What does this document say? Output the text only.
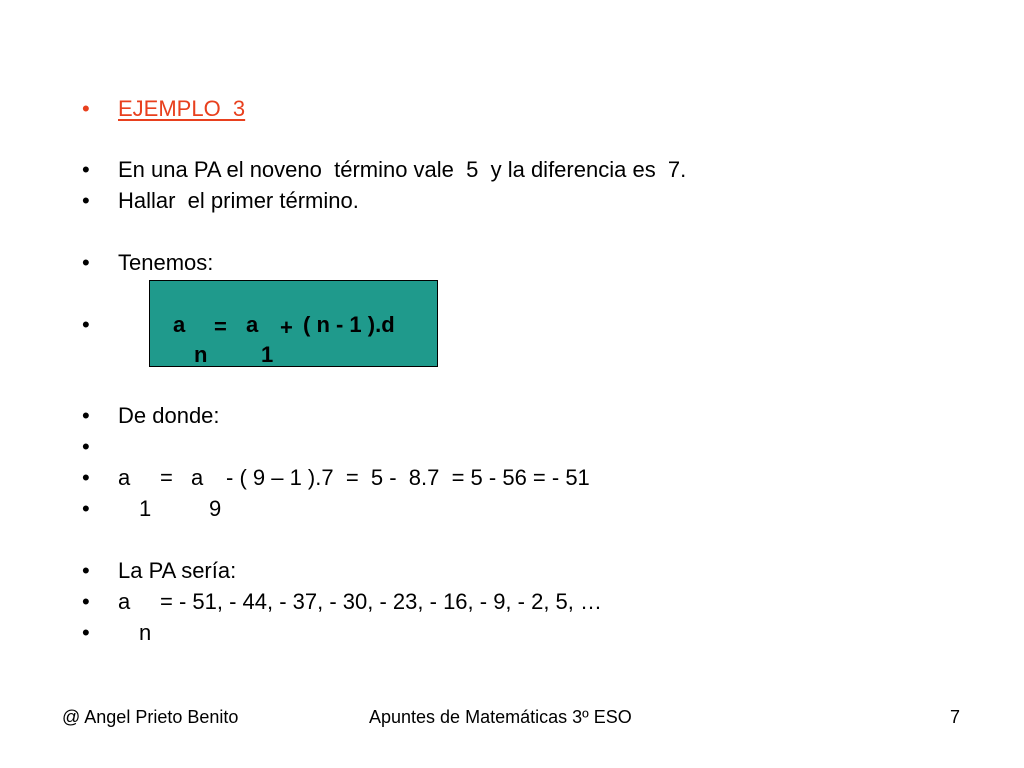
•
•
•
•
•
•
•
•
•
•
•
•
EJEMPLO  3
En una PA el noveno  término vale  5  y la diferencia es  7.
Hallar  el primer término.
Tenemos:
a = a + ( n - 1 ).d
n 1
De donde:
a = a - ( 9 – 1 ).7  =  5 -  8.7  = 5 - 56 = - 51
1	9
La PA sería:
a = - 51, - 44, - 37, - 30, - 23, - 16, - 9, - 2, 5, …
n
@ Angel Prieto Benito	Apuntes de Matemáticas 3º ESO	7
